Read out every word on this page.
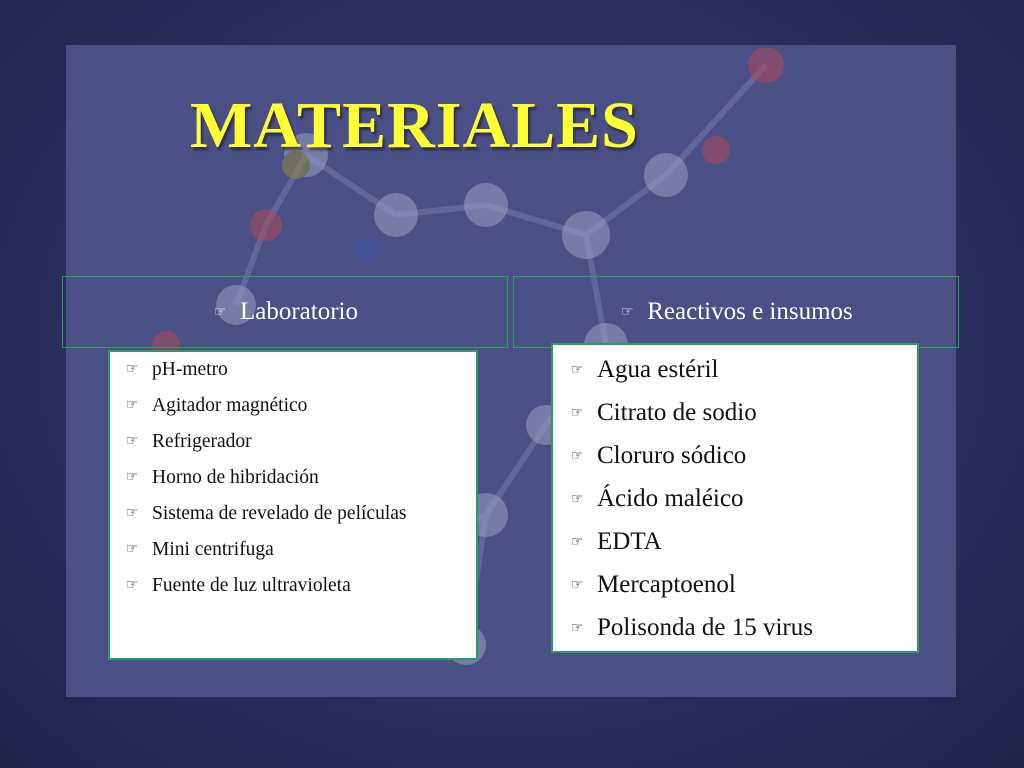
MATERIALES
☞ Laboratorio	☞ Reactivos e insumos
☞ pH-metro
☞ Agitador magnético
☞ Refrigerador
☞ Horno de hibridación
☞ Sistema de revelado de películas
☞ Mini centrifuga
☞ Fuente de luz ultravioleta
☞ Agua estéril
☞ Citrato de sodio
☞ Cloruro sódico
☞ Ácido maléico
☞ EDTA
☞ Mercaptoenol
☞ Polisonda de 15 virus
